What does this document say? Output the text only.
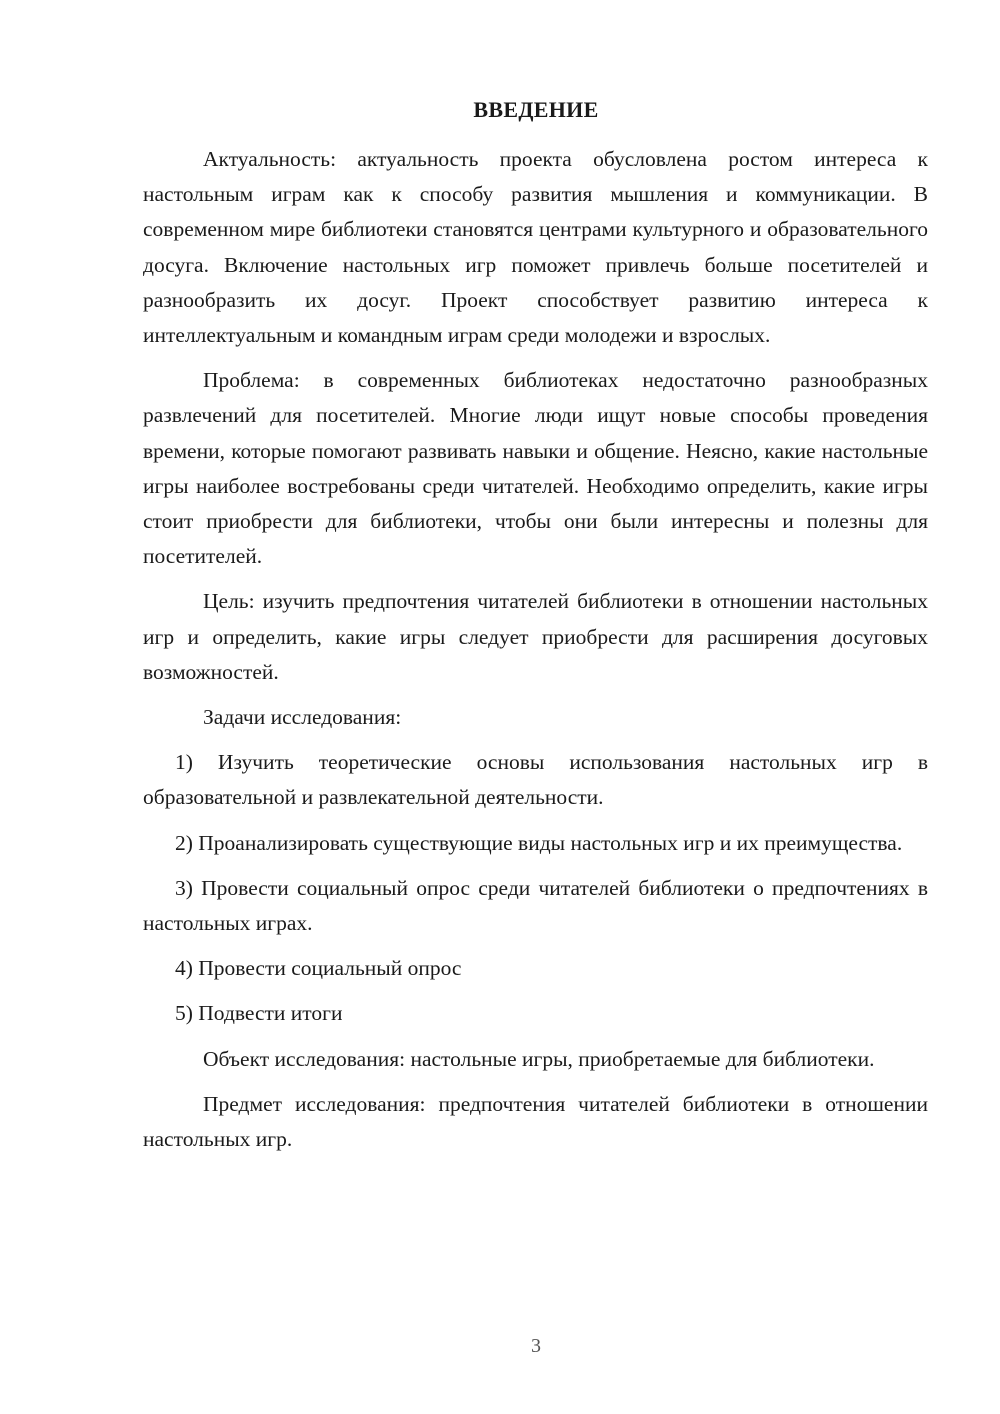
ВВЕДЕНИЕ

Актуальность: актуальность проекта обусловлена ростом интереса к настольным играм как к способу развития мышления и коммуникации. В современном мире библиотеки становятся центрами культурного и образовательного досуга. Включение настольных игр поможет привлечь больше посетителей и разнообразить их досуг. Проект способствует развитию интереса к интеллектуальным и командным играм среди молодежи и взрослых.

Проблема: в современных библиотеках недостаточно разнообразных развлечений для посетителей. Многие люди ищут новые способы проведения времени, которые помогают развивать навыки и общение. Неясно, какие настольные игры наиболее востребованы среди читателей. Необходимо определить, какие игры стоит приобрести для библиотеки, чтобы они были интересны и полезны для посетителей.

Цель: изучить предпочтения читателей библиотеки в отношении настольных игр и определить, какие игры следует приобрести для расширения досуговых возможностей.

Задачи исследования:

1) Изучить теоретические основы использования настольных игр в образовательной и развлекательной деятельности.

2) Проанализировать существующие виды настольных игр и их преимущества.

3) Провести социальный опрос среди читателей библиотеки о предпочтениях в настольных играх.

4) Провести социальный опрос

5) Подвести итоги

Объект исследования: настольные игры, приобретаемые для библиотеки.

Предмет исследования: предпочтения читателей библиотеки в отношении настольных игр.

3
